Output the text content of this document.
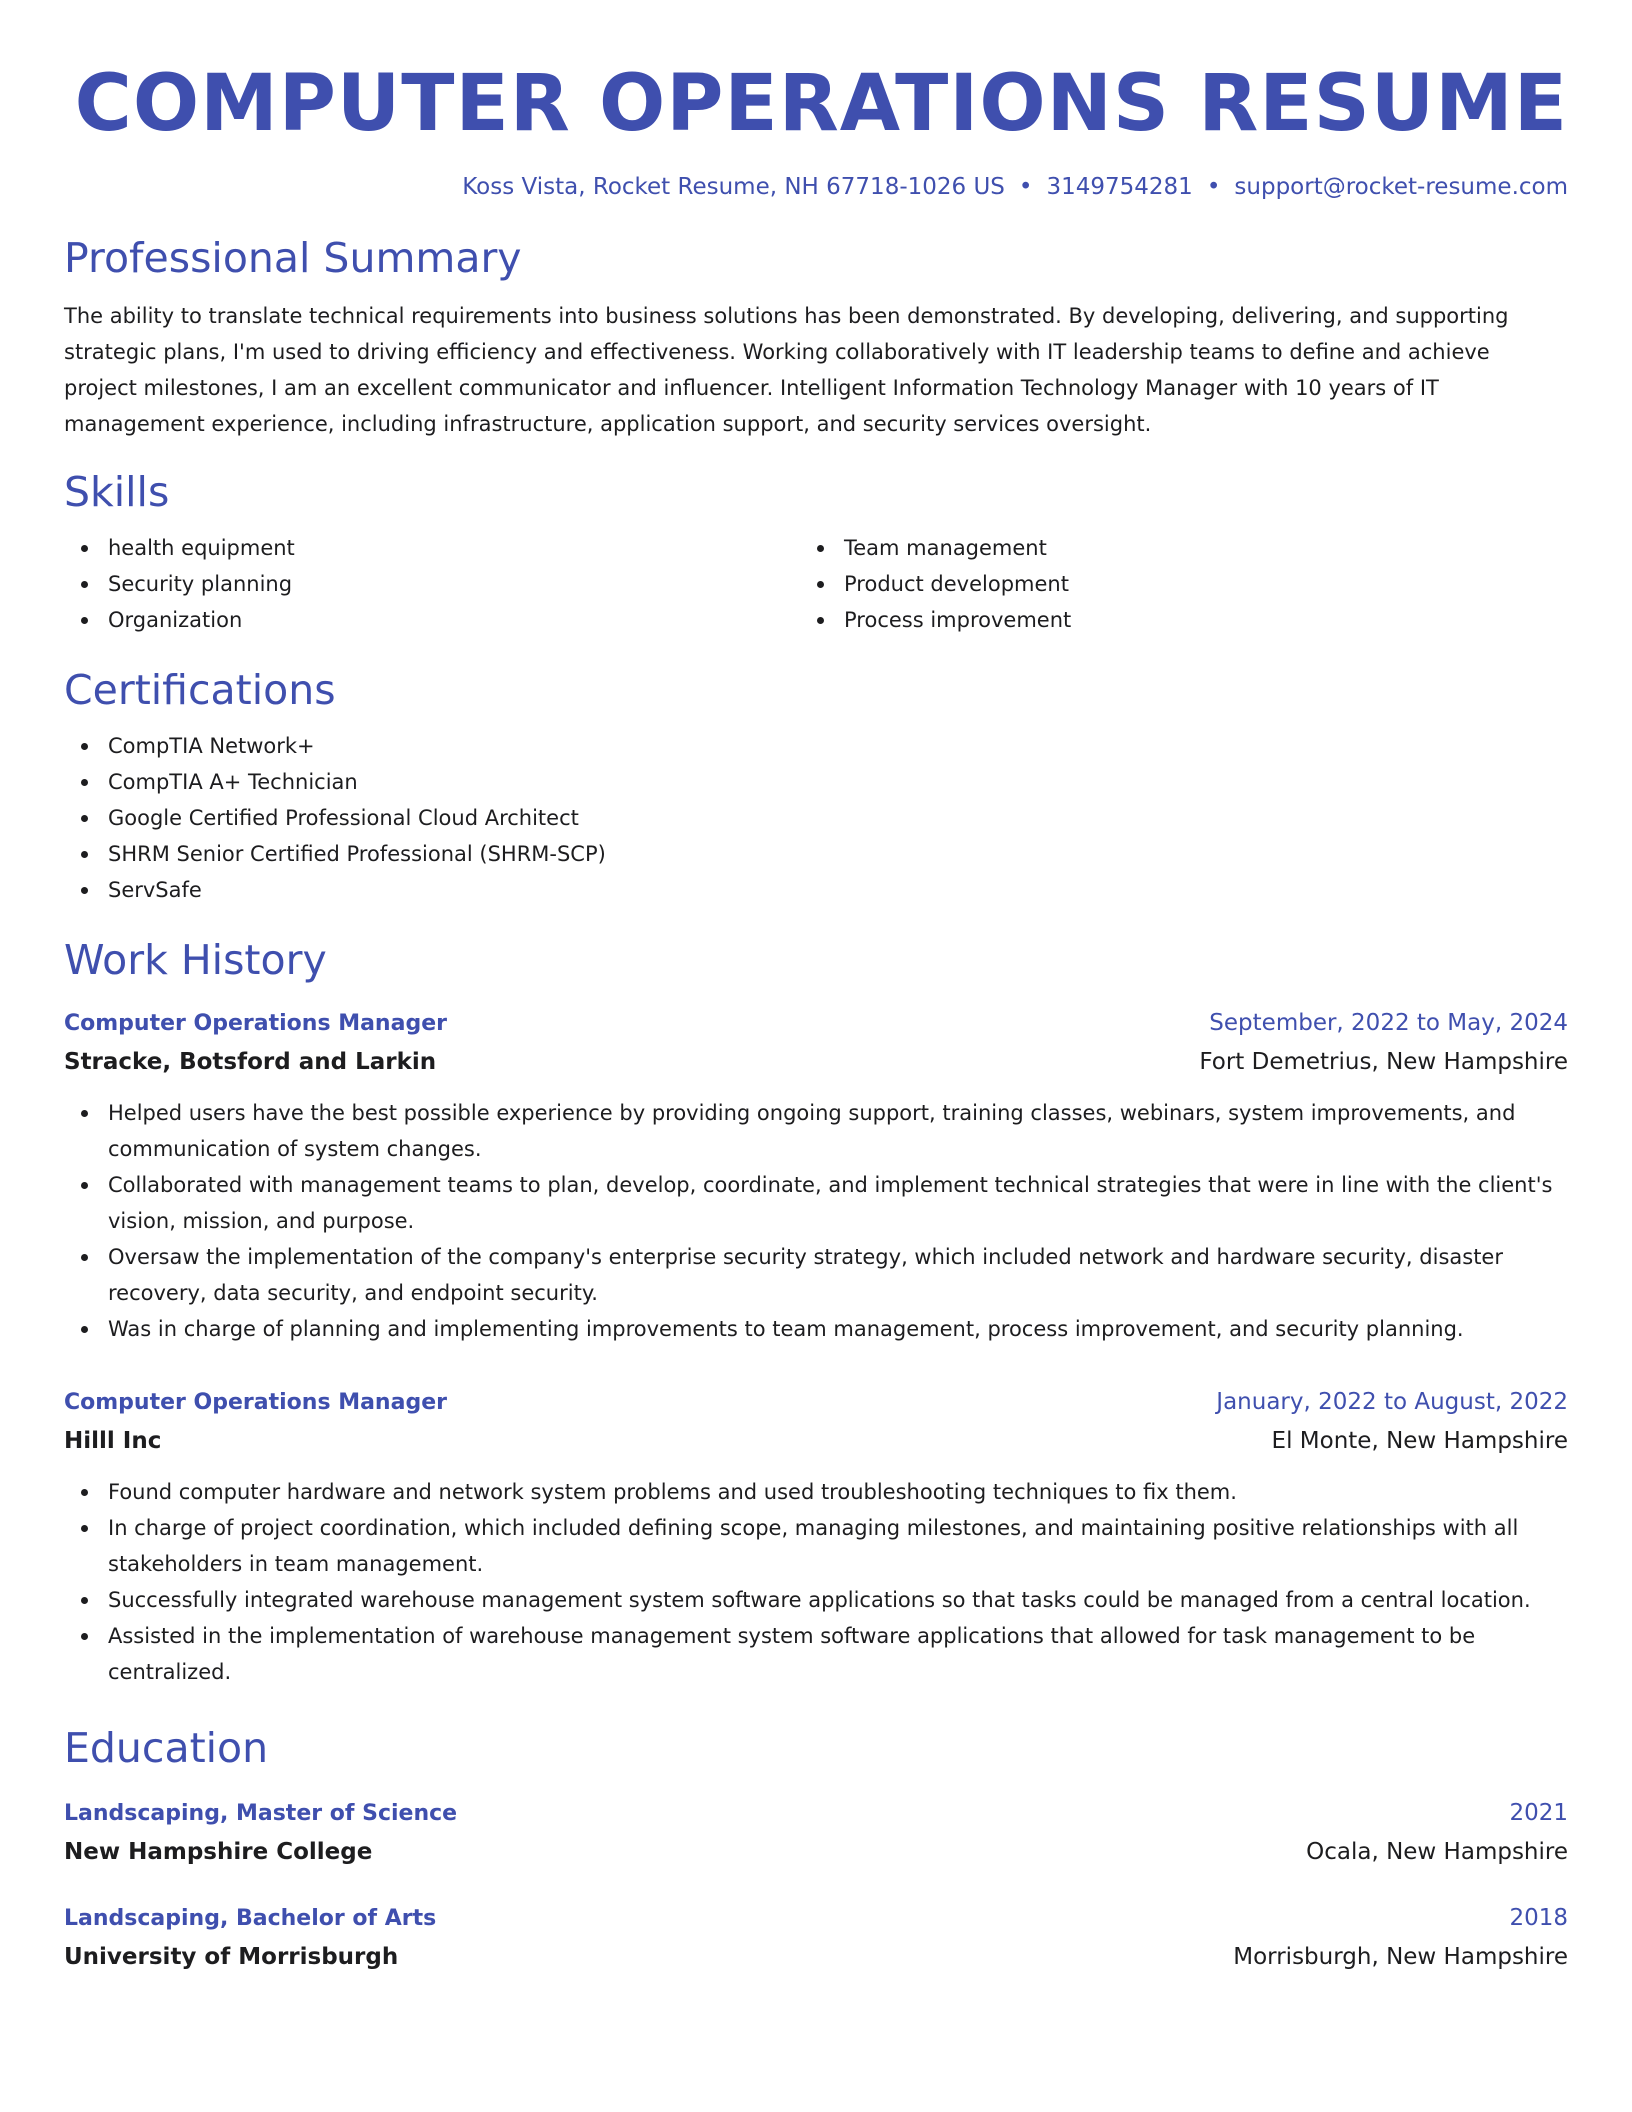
COMPUTER OPERATIONS RESUME
Koss Vista, Rocket Resume, NH 67718-1026 US • 3149754281 • support@rocket-resume.com
Professional Summary

The ability to translate technical requirements into business solutions has been demonstrated. By developing, delivering, and supporting strategic plans, I'm used to driving efficiency and effectiveness. Working collaboratively with IT leadership teams to define and achieve project milestones, I am an excellent communicator and influencer. Intelligent Information Technology Manager with 10 years of IT management experience, including infrastructure, application support, and security services oversight.

Skills
health equipment
Security planning
Organization
Team management
Product development
Process improvement
Certifications
CompTIA Network+
CompTIA A+ Technician
Google Certified Professional Cloud Architect
SHRM Senior Certified Professional (SHRM-SCP)
ServSafe
Work History
Computer Operations Manager	September, 2022 to May, 2024
Stracke, Botsford and Larkin	Fort Demetrius, New Hampshire
Helped users have the best possible experience by providing ongoing support, training classes, webinars, system improvements, and communication of system changes.
Collaborated with management teams to plan, develop, coordinate, and implement technical strategies that were in line with the client's vision, mission, and purpose.
Oversaw the implementation of the company's enterprise security strategy, which included network and hardware security, disaster recovery, data security, and endpoint security.
Was in charge of planning and implementing improvements to team management, process improvement, and security planning.
Computer Operations Manager	January, 2022 to August, 2022
Hilll Inc	El Monte, New Hampshire
Found computer hardware and network system problems and used troubleshooting techniques to fix them.
In charge of project coordination, which included defining scope, managing milestones, and maintaining positive relationships with all stakeholders in team management.
Successfully integrated warehouse management system software applications so that tasks could be managed from a central location.
Assisted in the implementation of warehouse management system software applications that allowed for task management to be centralized.
Education
Landscaping, Master of Science	2021
New Hampshire College	Ocala, New Hampshire
Landscaping, Bachelor of Arts	2018
University of Morrisburgh	Morrisburgh, New Hampshire
